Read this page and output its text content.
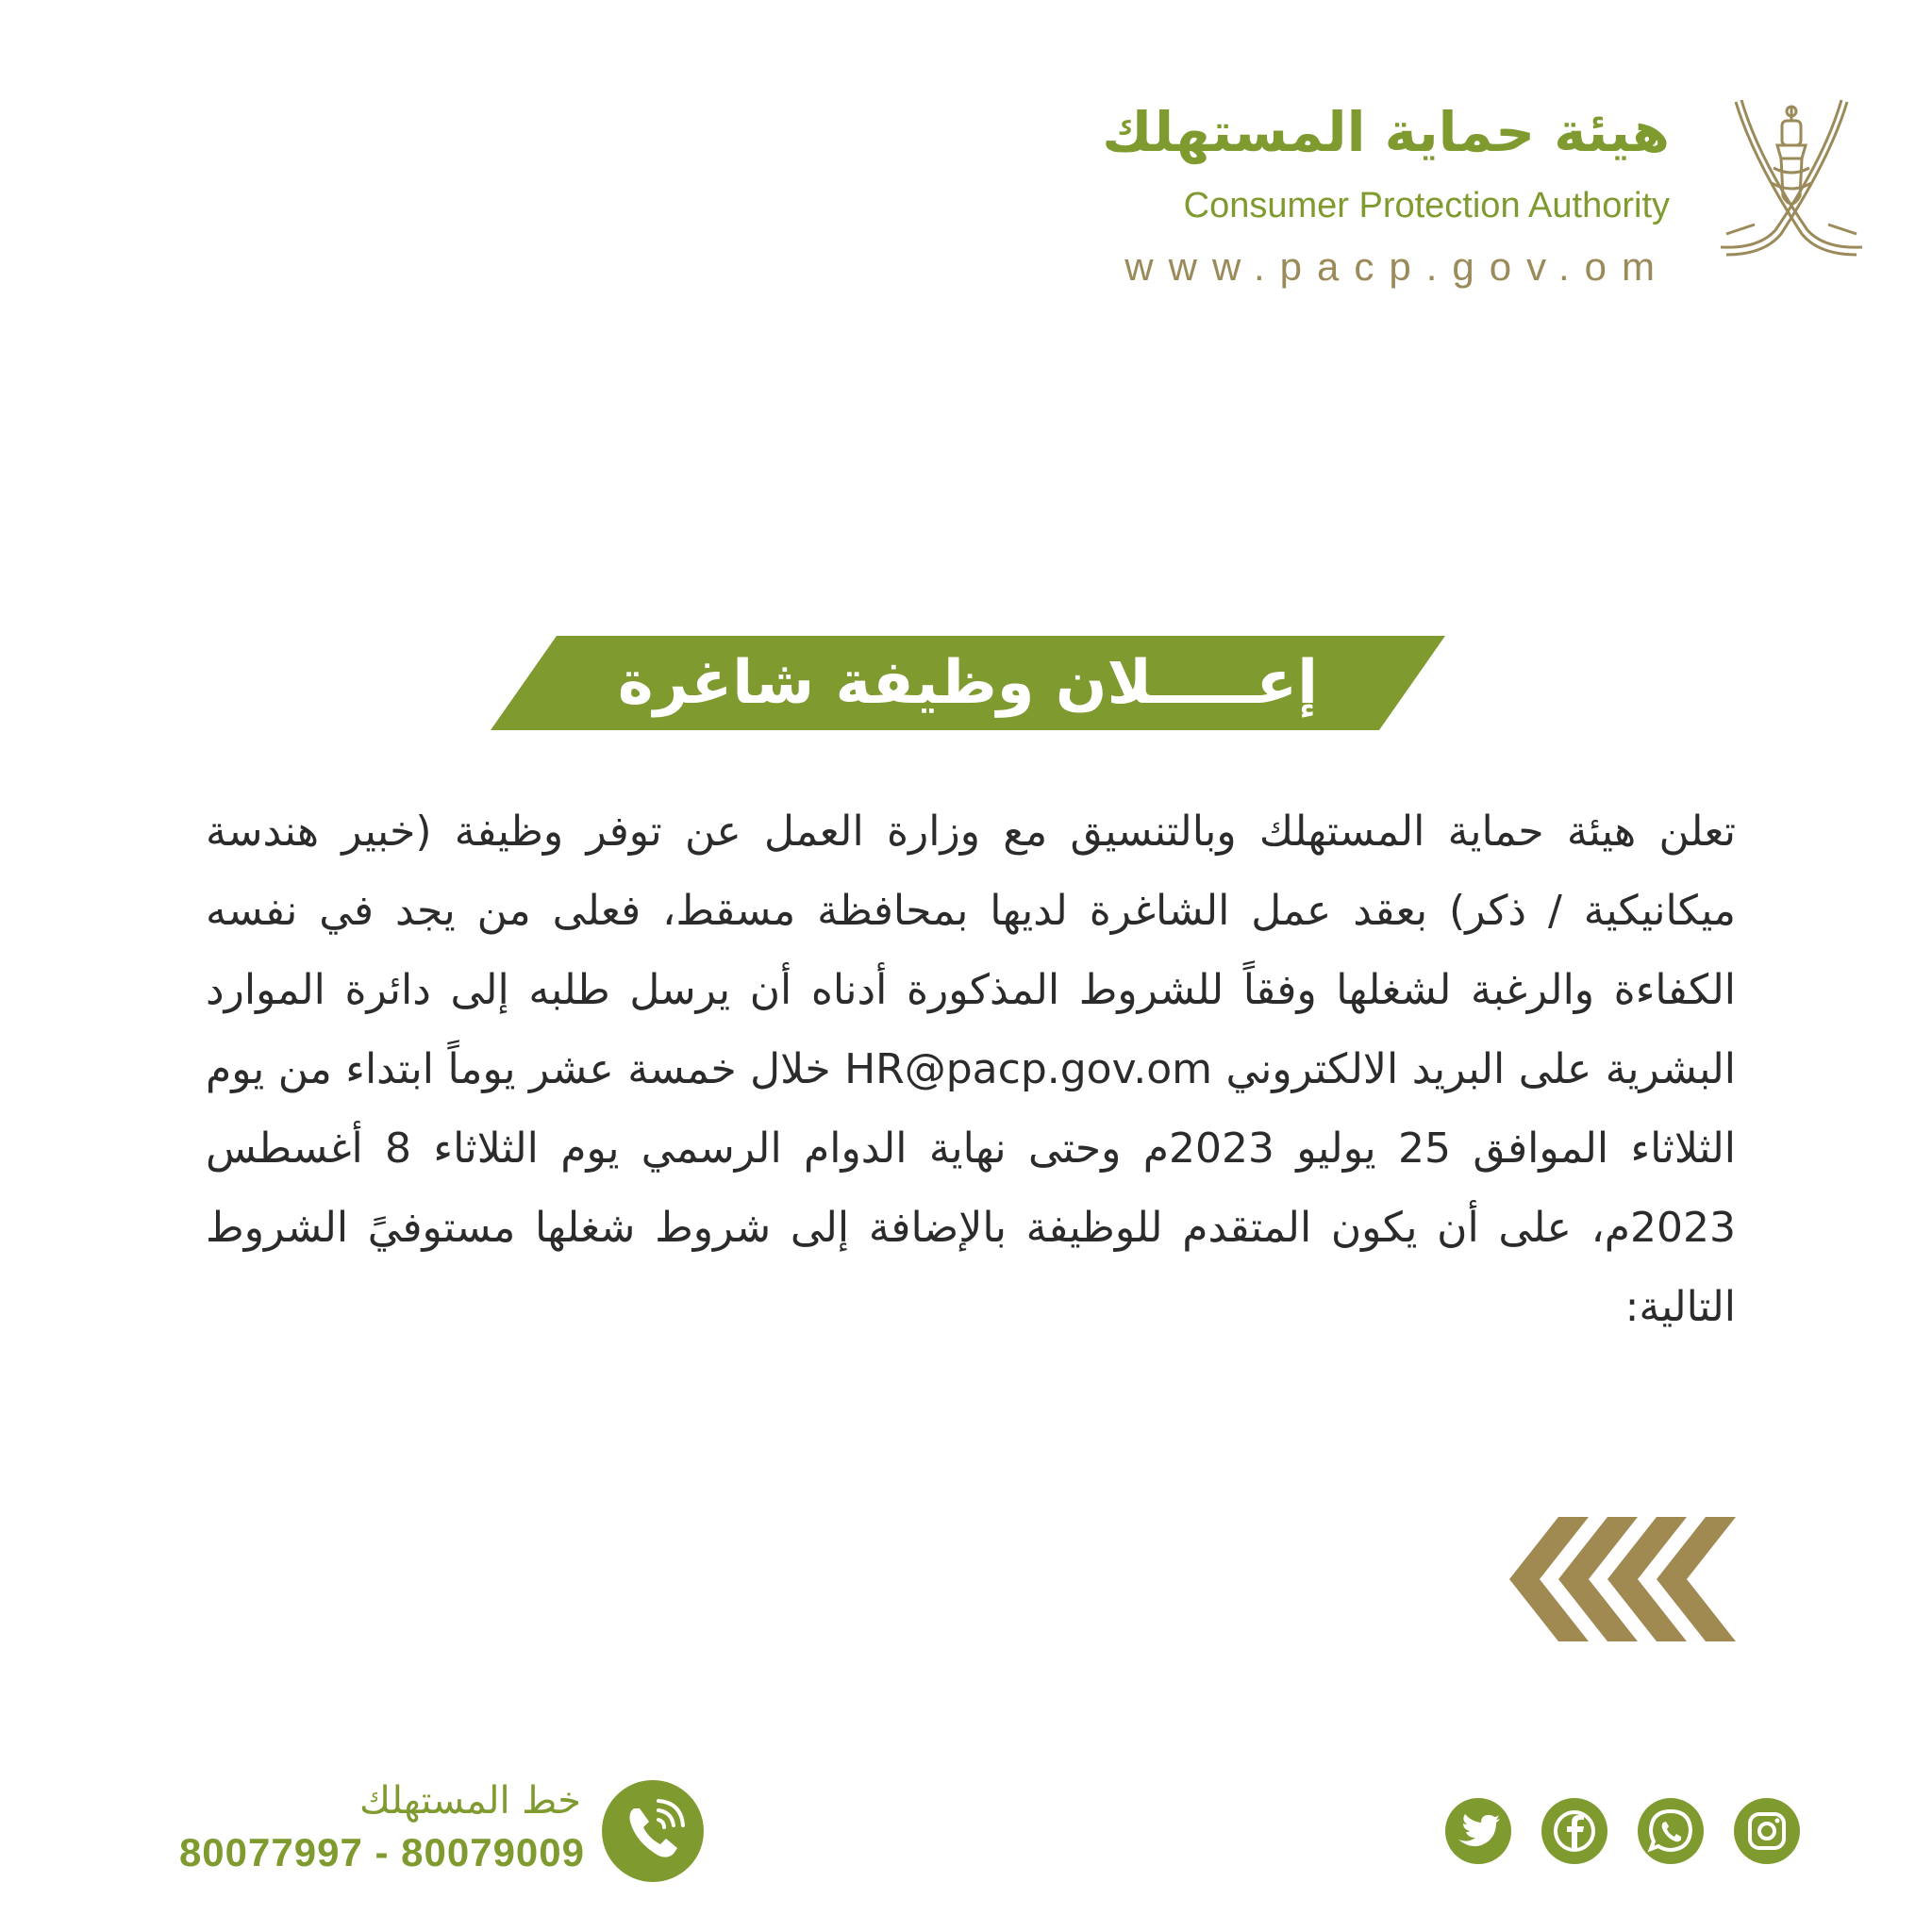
هيئة حماية المستهلك
Consumer Protection Authority
www.pacp.gov.om
إعـــــلان وظيفة شاغرة
تعلن هيئة حماية المستهلك وبالتنسيق مع وزارة العمل عن توفر وظيفة (خبير هندسة ميكانيكية / ذكر) بعقد عمل الشاغرة لديها بمحافظة مسقط، فعلى من يجد في نفسه الكفاءة والرغبة لشغلها وفقاً للشروط المذكورة أدناه أن يرسل طلبه إلى دائرة الموارد البشرية على البريد الالكتروني HR@pacp.gov.om خلال خمسة عشر يوماً ابتداء من يوم الثلاثاء الموافق 25 يوليو 2023م وحتى نهاية الدوام الرسمي يوم الثلاثاء 8 أغسطس 2023م، على أن يكون المتقدم للوظيفة بالإضافة إلى شروط شغلها مستوفيً الشروط التالية:
خط المستهلك
80077997 - 80079009
